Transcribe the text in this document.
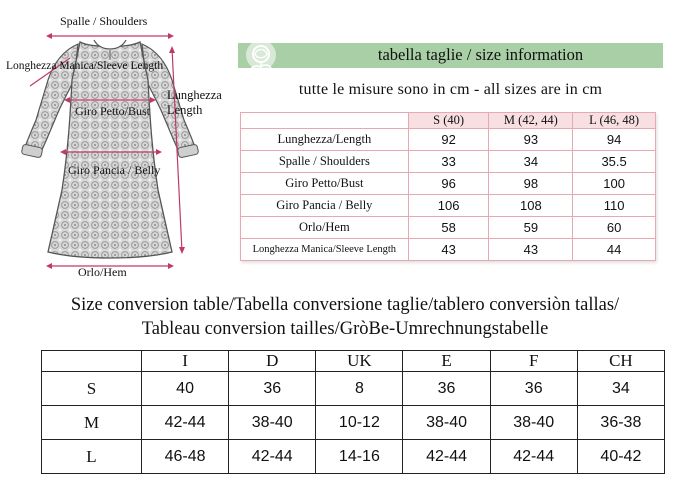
Spalle / Shoulders
Longhezza Manica/Sleeve Length
Lunghezza
Length
Giro Petto/Bust
Giro Pancia / Belly
Orlo/Hem
tabella taglie / size information
tutte le misure sono in cm - all sizes are in cm
	S (40)	M (42, 44)	L (46, 48)
Lunghezza/Length	92	93	94
Spalle / Shoulders	33	34	35.5
Giro Petto/Bust	96	98	100
Giro Pancia / Belly	106	108	110
Orlo/Hem	58	59	60
Longhezza Manica/Sleeve Length	43	43	44
Size conversion table/Tabella conversione taglie/tablero conversiòn tallas/
Tableau conversion tailles/GròBe-Umrechnungstabelle
	I	D	UK	E	F	CH
S	40	36	8	36	36	34
M	42-44	38-40	10-12	38-40	38-40	36-38
L	46-48	42-44	14-16	42-44	42-44	40-42
